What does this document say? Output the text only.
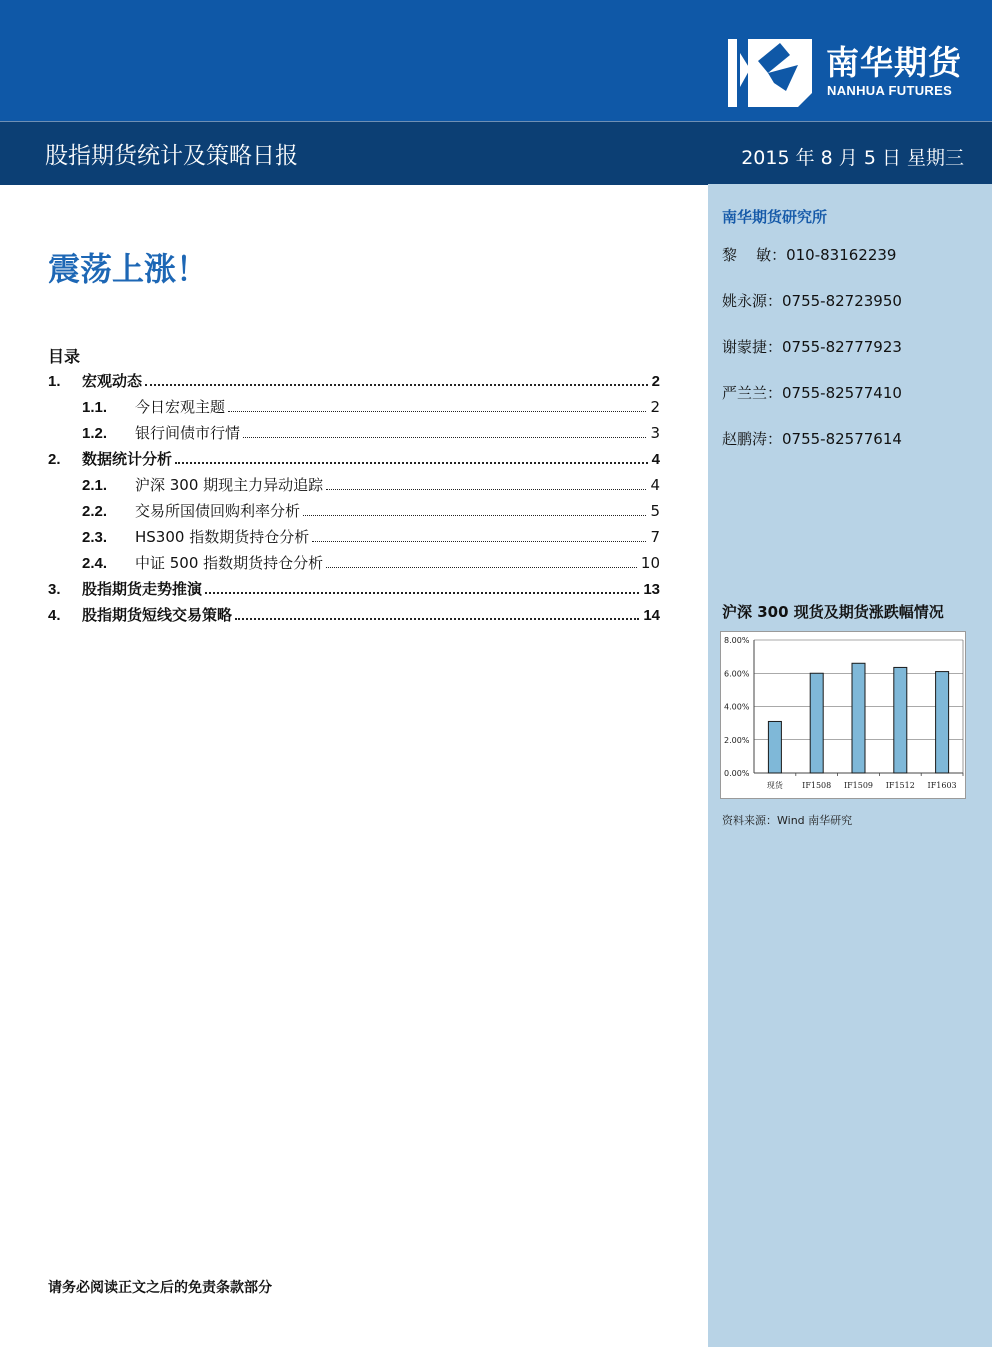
南华期货
NANHUA FUTURES
股指期货统计及策略日报	2015 年 8 月 5 日 星期三
南华期货研究所
黎    敏：010-83162239
姚永源：0755-82723950
谢蒙捷：0755-82777923
严兰兰：0755-82577410
赵鹏涛：0755-82577614
震荡上涨！
目录
1.	宏观动态	2
1.1.	今日宏观主题	2
1.2.	银行间债市行情	3
2.	数据统计分析	4
2.1.	沪深 300 期现主力异动追踪	4
2.2.	交易所国债回购利率分析	5
2.3.	HS300 指数期货持仓分析	7
2.4.	中证 500 指数期货持仓分析	10
3.	股指期货走势推演	13
4.	股指期货短线交易策略	14	沪深 300 现货及期货涨跌幅情况
0.00%
2.00%
4.00%
6.00%
8.00%
现货 IF1508 IF1509 IF1512 IF1603
资料来源：Wind 南华研究
请务必阅读正文之后的免责条款部分
